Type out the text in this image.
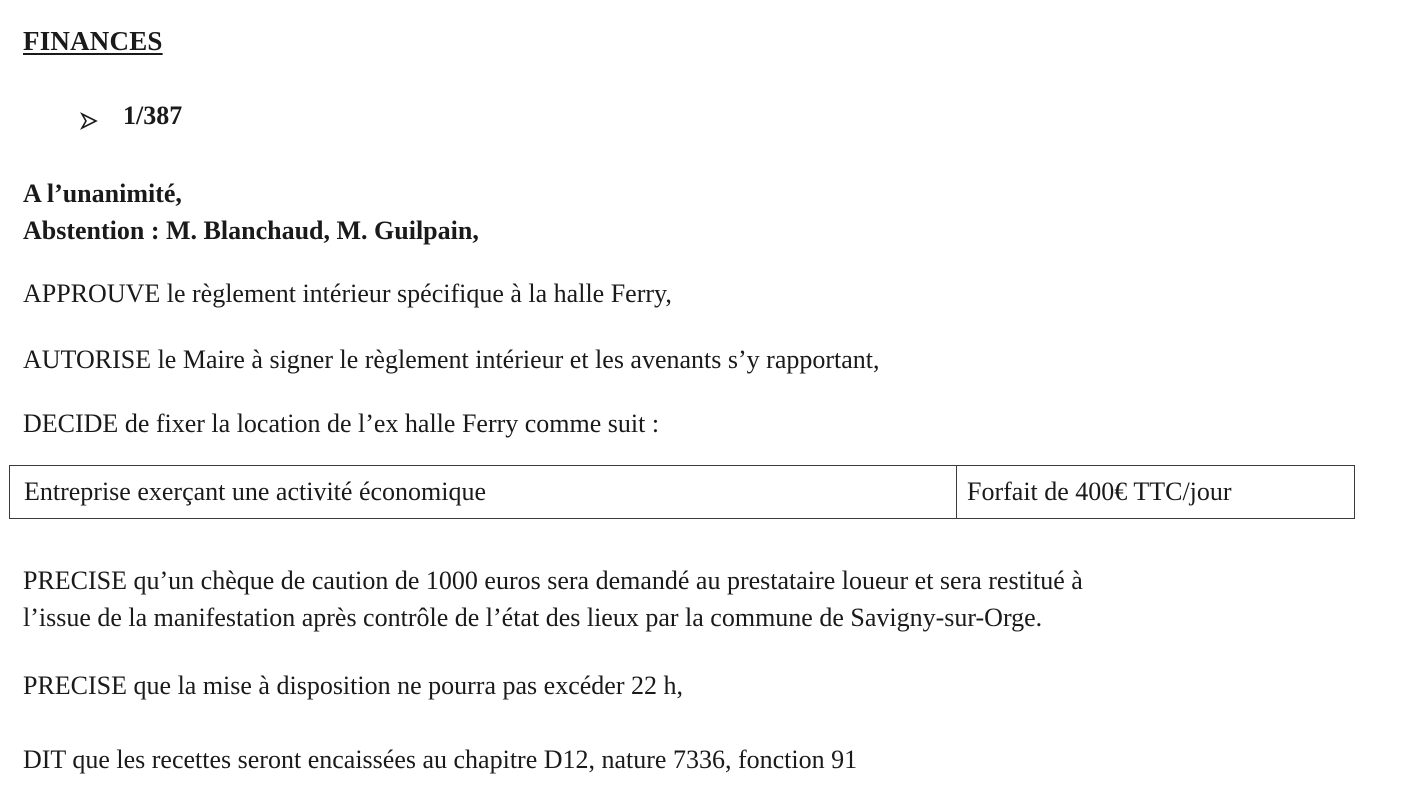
FINANCES
1/387
A l’unanimité,
Abstention : M. Blanchaud, M. Guilpain,
APPROUVE le règlement intérieur spécifique à la halle Ferry,
AUTORISE le Maire à signer le règlement intérieur et les avenants s’y rapportant,
DECIDE de fixer la location de l’ex halle Ferry comme suit :
Entreprise exerçant une activité économique	Forfait de 400€ TTC/jour
PRECISE qu’un chèque de caution de 1000 euros sera demandé au prestataire loueur et sera restitué à
l’issue de la manifestation après contrôle de l’état des lieux par la commune de Savigny-sur-Orge.
PRECISE que la mise à disposition ne pourra pas excéder 22 h,
DIT que les recettes seront encaissées au chapitre D12, nature 7336, fonction 91
